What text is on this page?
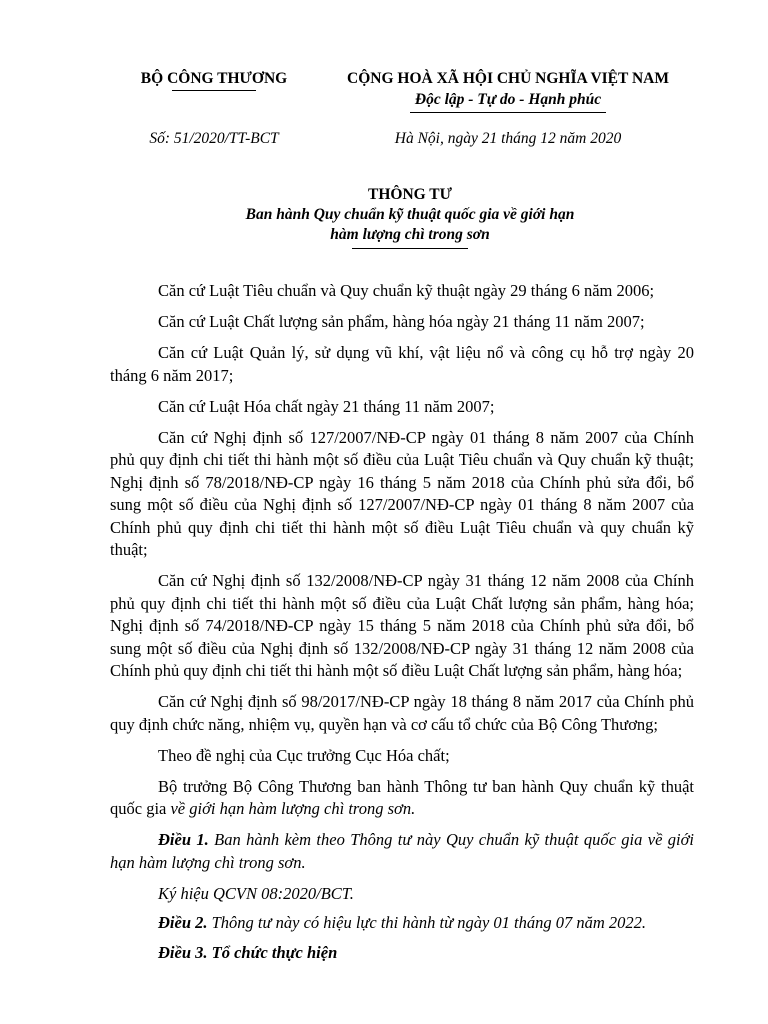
BỘ CÔNG THƯƠNG	CỘNG HOÀ XÃ HỘI CHỦ NGHĨA VIỆT NAM
Độc lập - Tự do - Hạnh phúc
Số: 51/2020/TT-BCT	Hà Nội, ngày 21 tháng 12 năm 2020
THÔNG TƯ
Ban hành Quy chuẩn kỹ thuật quốc gia về giới hạn
hàm lượng chì trong sơn

Căn cứ Luật Tiêu chuẩn và Quy chuẩn kỹ thuật ngày 29 tháng 6 năm 2006;

Căn cứ Luật Chất lượng sản phẩm, hàng hóa ngày 21 tháng 11 năm 2007;

Căn cứ Luật Quản lý, sử dụng vũ khí, vật liệu nổ và công cụ hỗ trợ ngày 20 tháng 6 năm 2017;

Căn cứ Luật Hóa chất ngày 21 tháng 11 năm 2007;

Căn cứ Nghị định số 127/2007/NĐ-CP ngày 01 tháng 8 năm 2007 của Chính phủ quy định chi tiết thi hành một số điều của Luật Tiêu chuẩn và Quy chuẩn kỹ thuật; Nghị định số 78/2018/NĐ-CP ngày 16 tháng 5 năm 2018 của Chính phủ sửa đổi, bổ sung một số điều của Nghị định số 127/2007/NĐ-CP ngày 01 tháng 8 năm 2007 của Chính phủ quy định chi tiết thi hành một số điều Luật Tiêu chuẩn và quy chuẩn kỹ thuật;

Căn cứ Nghị định số 132/2008/NĐ-CP ngày 31 tháng 12 năm 2008 của Chính phủ quy định chi tiết thi hành một số điều của Luật Chất lượng sản phẩm, hàng hóa; Nghị định số 74/2018/NĐ-CP ngày 15 tháng 5 năm 2018 của Chính phủ sửa đổi, bổ sung một số điều của Nghị định số 132/2008/NĐ-CP ngày 31 tháng 12 năm 2008 của Chính phủ quy định chi tiết thi hành một số điều Luật Chất lượng sản phẩm, hàng hóa;

Căn cứ Nghị định số 98/2017/NĐ-CP ngày 18 tháng 8 năm 2017 của Chính phủ quy định chức năng, nhiệm vụ, quyền hạn và cơ cấu tổ chức của Bộ Công Thương;

Theo đề nghị của Cục trưởng Cục Hóa chất;

Bộ trưởng Bộ Công Thương ban hành Thông tư ban hành Quy chuẩn kỹ thuật quốc gia về giới hạn hàm lượng chì trong sơn.

Điều 1. Ban hành kèm theo Thông tư này Quy chuẩn kỹ thuật quốc gia về giới hạn hàm lượng chì trong sơn.

Ký hiệu QCVN 08:2020/BCT.

Điều 2. Thông tư này có hiệu lực thi hành từ ngày 01 tháng 07 năm 2022.

Điều 3. Tổ chức thực hiện
